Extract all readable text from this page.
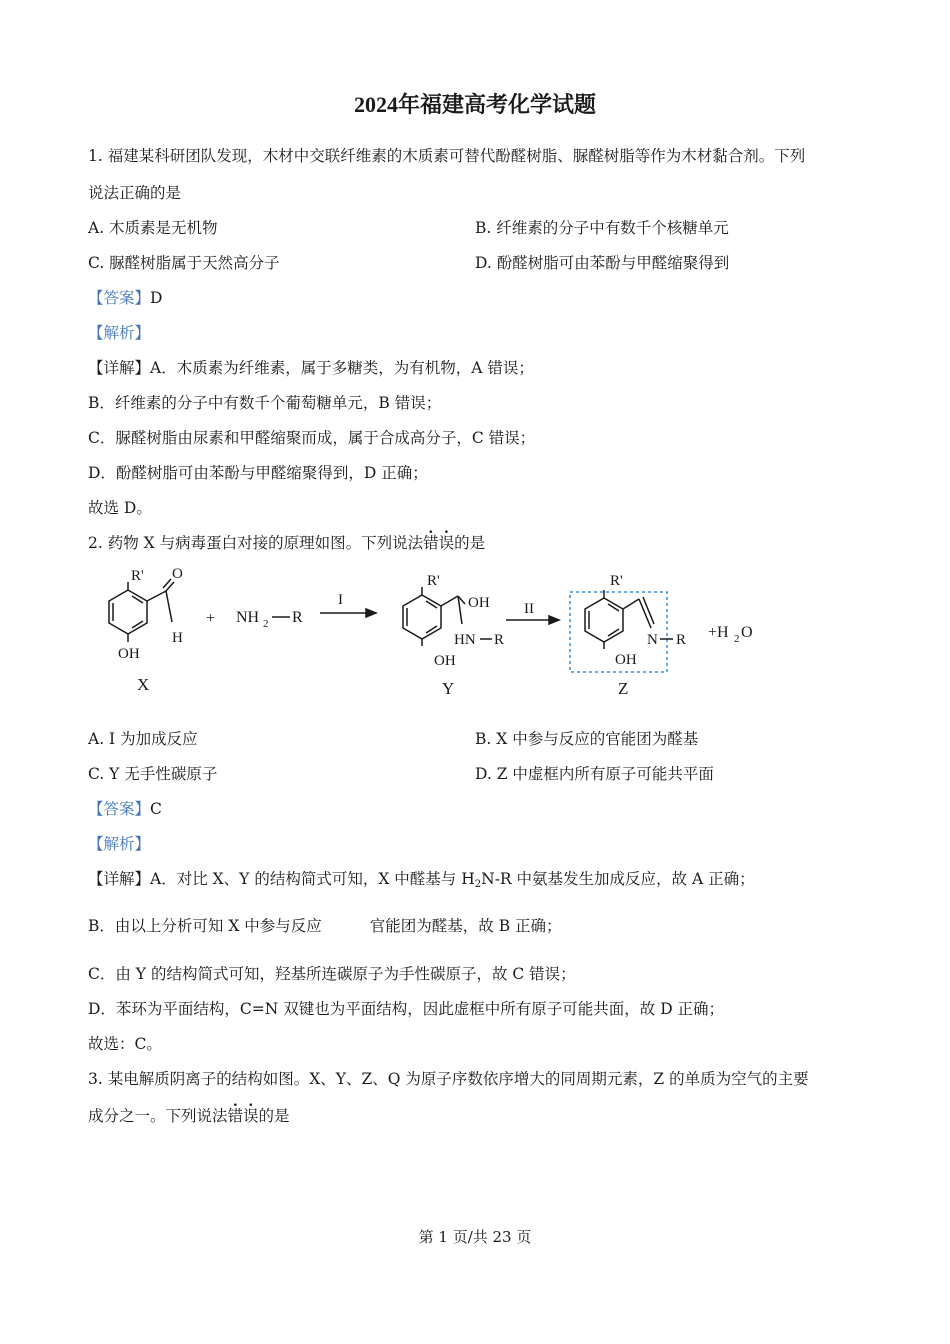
2024年福建高考化学试题
1. 福建某科研团队发现，木材中交联纤维素的木质素可替代酚醛树脂、脲醛树脂等作为木材黏合剂。下列
说法正确的是
A. 木质素是无机物	B. 纤维素的分子中有数千个核糖单元
C. 脲醛树脂属于天然高分子	D. 酚醛树脂可由苯酚与甲醛缩聚得到
【答案】D
【解析】
【详解】A．木质素为纤维素，属于多糖类，为有机物，A 错误；
B．纤维素的分子中有数千个葡萄糖单元，B 错误；
C．脲醛树脂由尿素和甲醛缩聚而成，属于合成高分子，C 错误；
D．酚醛树脂可由苯酚与甲醛缩聚得到，D 正确；
故选 D。
2. 药物 X 与病毒蛋白对接的原理如图。下列说法错误的是
R' O
H
OH
X
+ NH 2 R
I
R'
OH
HN R
OH
Y
II
R'
N R
OH
Z
+H 2 O
A. Ⅰ 为加成反应	B. X 中参与反应的官能团为醛基
C. Y 无手性碳原子	D. Z 中虚框内所有原子可能共平面
【答案】C
【解析】
【详解】A．对比 X、Y 的结构简式可知，X 中醛基与 $H_2N-R$ 中氨基发生加成反应，故 A 正确；
B．由以上分析可知 X 中参与反应	官能团为醛基，故 B 正确；
C．由 Y 的结构简式可知，羟基所连碳原子为手性碳原子，故 C 错误；
D．苯环为平面结构，C=N 双键也为平面结构，因此虚框中所有原子可能共面，故 D 正确；
故选：C。
3. 某电解质阴离子的结构如图。X、Y、Z、Q 为原子序数依序增大的同周期元素，Z 的单质为空气的主要
成分之一。下列说法错误的是
第 1 页/共 23 页
